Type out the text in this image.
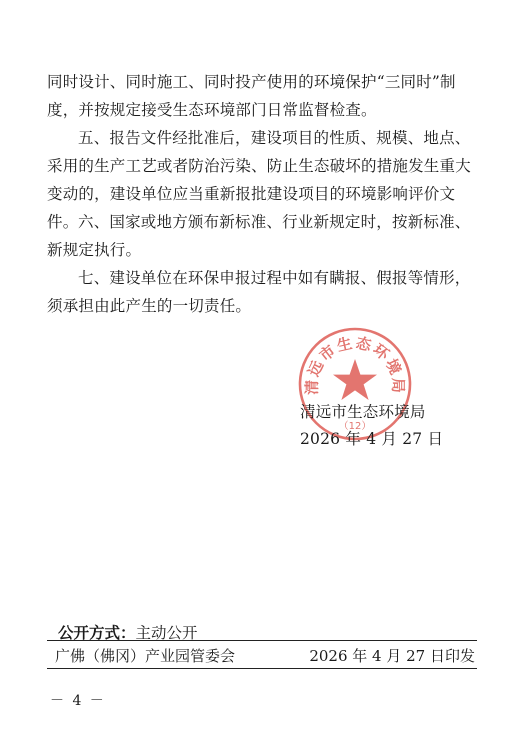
同时设计、同时施工、同时投产使用的环境保护“三同时”制度，并按规定接受生态环境部门日常监督检查。

五、报告文件经批准后，建设项目的性质、规模、地点、采用的生产工艺或者防治污染、防止生态破坏的措施发生重大变动的，建设单位应当重新报批建设项目的环境影响评价文件。 六、国家或地方颁布新标准、行业新规定时，按新标准、新规定执行。

七、建设单位在环保申报过程中如有瞒报、假报等情形，须承担由此产生的一切责任。

清远市生态环境局
（12）
清远市生态环境局
2026 年 4 月 27 日
公开方式：主动公开
广佛（佛冈）产业园管委会	2026 年 4 月 27 日印发
－ 4 －
